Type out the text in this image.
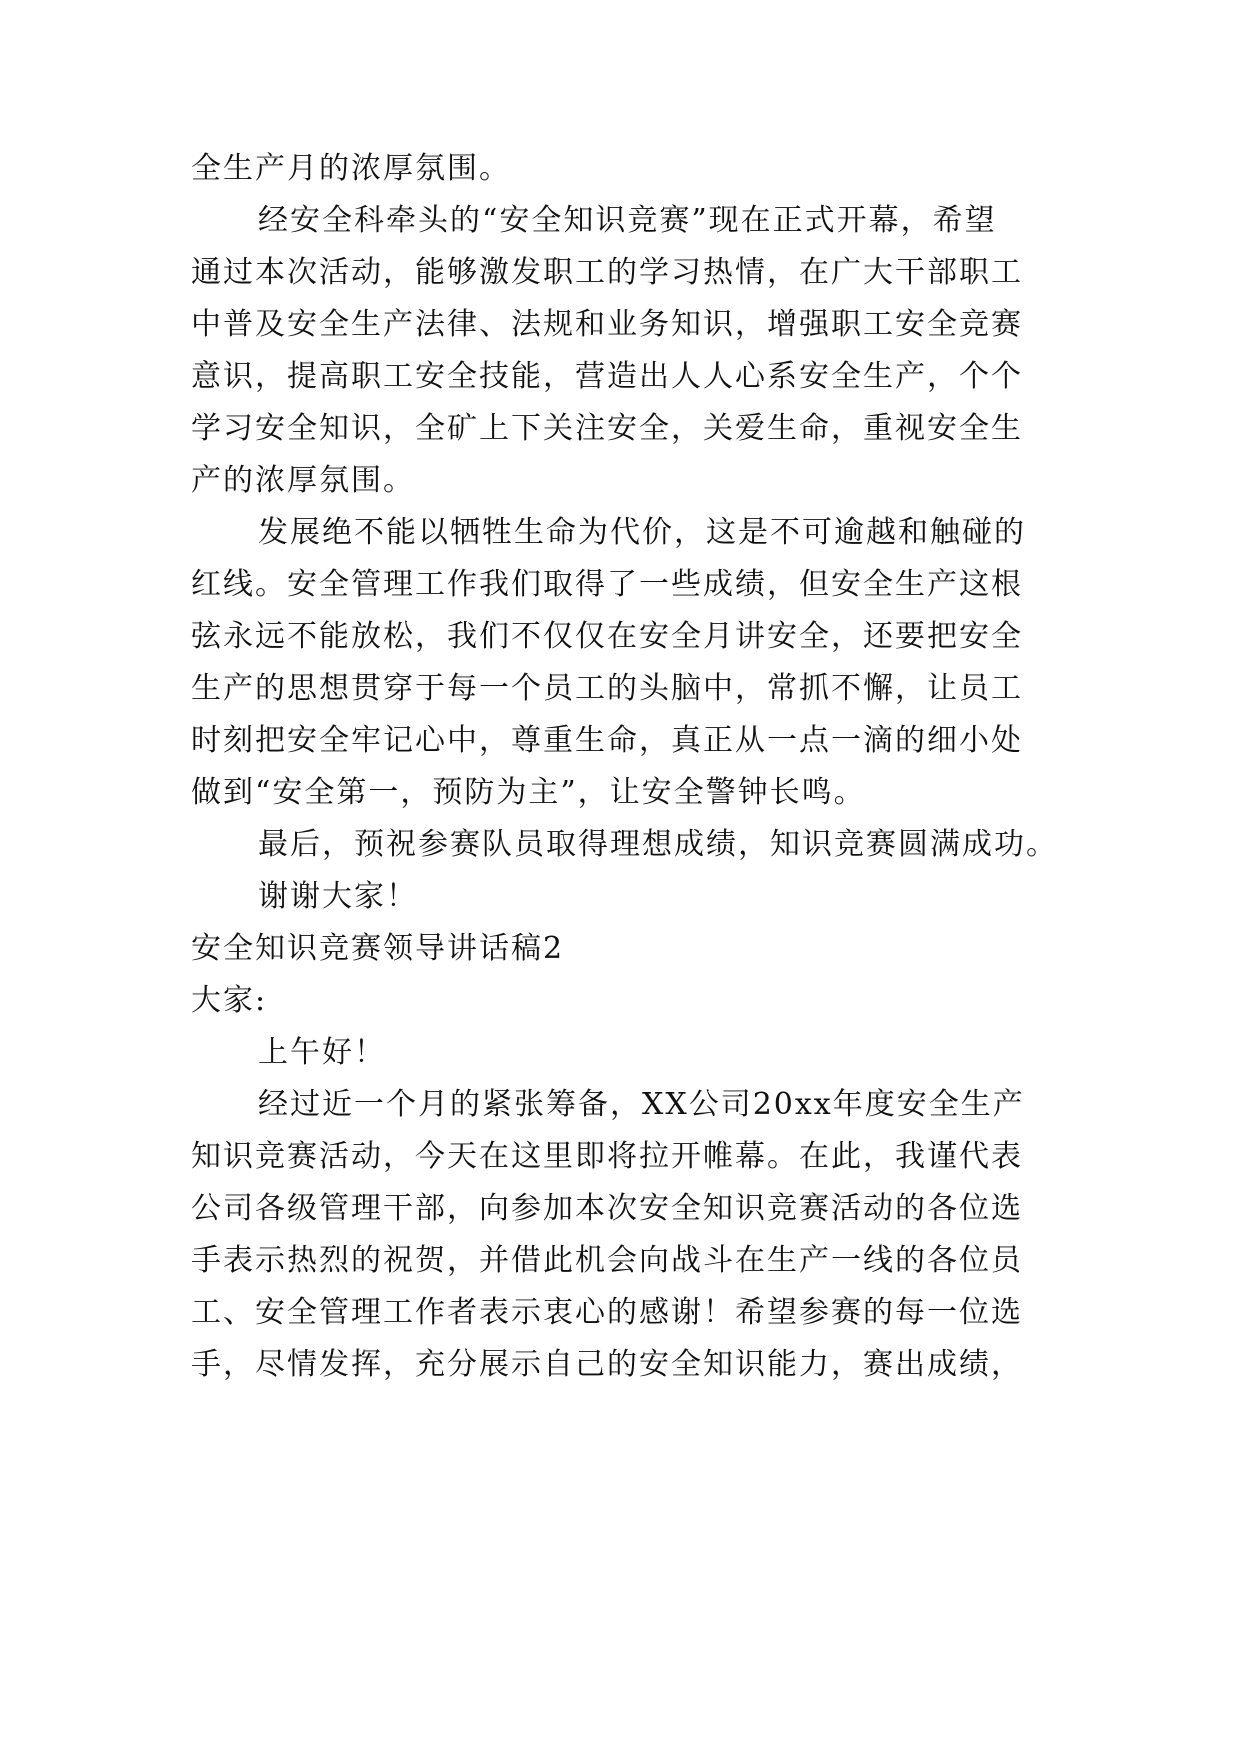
全生产月的浓厚氛围。
经安全科牵头的“安全知识竞赛”现在正式开幕，希望
通过本次活动，能够激发职工的学习热情，在广大干部职工
中普及安全生产法律、法规和业务知识，增强职工安全竞赛
意识，提高职工安全技能，营造出人人心系安全生产，个个
学习安全知识，全矿上下关注安全，关爱生命，重视安全生
产的浓厚氛围。
发展绝不能以牺牲生命为代价，这是不可逾越和触碰的
红线。安全管理工作我们取得了一些成绩，但安全生产这根
弦永远不能放松，我们不仅仅在安全月讲安全，还要把安全
生产的思想贯穿于每一个员工的头脑中，常抓不懈，让员工
时刻把安全牢记心中，尊重生命，真正从一点一滴的细小处
做到“安全第一，预防为主”，让安全警钟长鸣。
最后，预祝参赛队员取得理想成绩，知识竞赛圆满成功。
谢谢大家！
安全知识竞赛领导讲话稿2
大家:
上午好！
经过近一个月的紧张筹备，XX公司20xx年度安全生产
知识竞赛活动，今天在这里即将拉开帷幕。在此，我谨代表
公司各级管理干部，向参加本次安全知识竞赛活动的各位选
手表示热烈的祝贺，并借此机会向战斗在生产一线的各位员
工、安全管理工作者表示衷心的感谢！希望参赛的每一位选
手，尽情发挥，充分展示自己的安全知识能力，赛出成绩，
